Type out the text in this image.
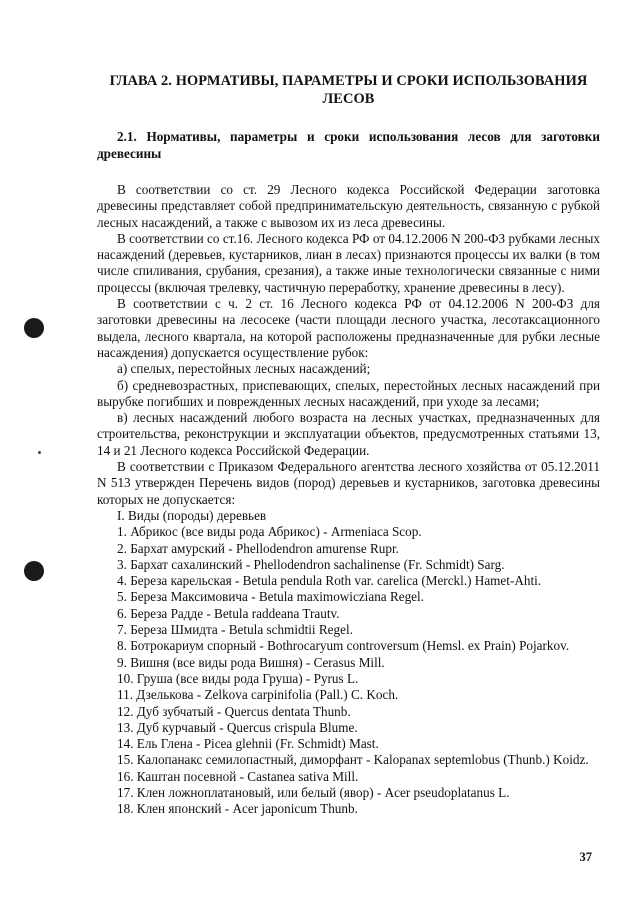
ГЛАВА 2. НОРМАТИВЫ, ПАРАМЕТРЫ И СРОКИ ИСПОЛЬЗОВАНИЯ ЛЕСОВ
2.1. Нормативы, параметры и сроки использования лесов для заготовки древесины

В соответствии со ст. 29 Лесного кодекса Российской Федерации заготовка древесины представляет собой предпринимательскую деятельность, связанную с рубкой лесных насаждений, а также с вывозом их из леса древесины.

В соответствии со ст.16. Лесного кодекса РФ от 04.12.2006 N 200-ФЗ рубками лесных насаждений (деревьев, кустарников, лиан в лесах) признаются процессы их валки (в том числе спиливания, срубания, срезания), а также иные технологически связанные с ними процессы (включая трелевку, частичную переработку, хранение древесины в лесу).

В соответствии с ч. 2 ст. 16 Лесного кодекса РФ от 04.12.2006 N 200-ФЗ для заготовки древесины на лесосеке (части площади лесного участка, лесотаксационного выдела, лесного квартала, на которой расположены предназначенные для рубки лесные насаждения) допускается осуществление рубок:

а) спелых, перестойных лесных насаждений;

б) средневозрастных, приспевающих, спелых, перестойных лесных насаждений при вырубке погибших и поврежденных лесных насаждений, при уходе за лесами;

в) лесных насаждений любого возраста на лесных участках, предназначенных для строительства, реконструкции и эксплуатации объектов, предусмотренных статьями 13, 14 и 21 Лесного кодекса Российской Федерации.

В соответствии с Приказом Федерального агентства лесного хозяйства от 05.12.2011 N 513 утвержден Перечень видов (пород) деревьев и кустарников, заготовка древесины которых не допускается:

I. Виды (породы) деревьев

1. Абрикос (все виды рода Абрикос) - Armeniaca Scop.

2. Бархат амурский - Phellodendron amurense Rupr.

3. Бархат сахалинский - Phellodendron sachalinense (Fr. Schmidt) Sarg.

4. Береза карельская - Betula pendula Roth var. carelica (Merckl.) Hamet-Ahti.

5. Береза Максимовича - Betula maximowicziana Regel.

6. Береза Радде - Betula raddeana Trautv.

7. Береза Шмидта - Betula schmidtii Regel.

8. Ботрокариум спорный - Bothrocaryum controversum (Hemsl. ex Prain) Pojarkov.

9. Вишня (все виды рода Вишня) - Cerasus Mill.

10. Груша (все виды рода Груша) - Pyrus L.

11. Дзелькова - Zelkova carpinifolia (Pall.) C. Koch.

12. Дуб зубчатый - Quercus dentata Thunb.

13. Дуб курчавый - Quercus crispula Blume.

14. Ель Глена - Picea glehnii (Fr. Schmidt) Mast.

15. Калопанакс семилопастный, диморфант - Kalopanax septemlobus (Thunb.) Koidz.

16. Каштан посевной - Castanea sativa Mill.

17. Клен ложноплатановый, или белый (явор) - Acer pseudoplatanus L.

18. Клен японский - Acer japonicum Thunb.

37
